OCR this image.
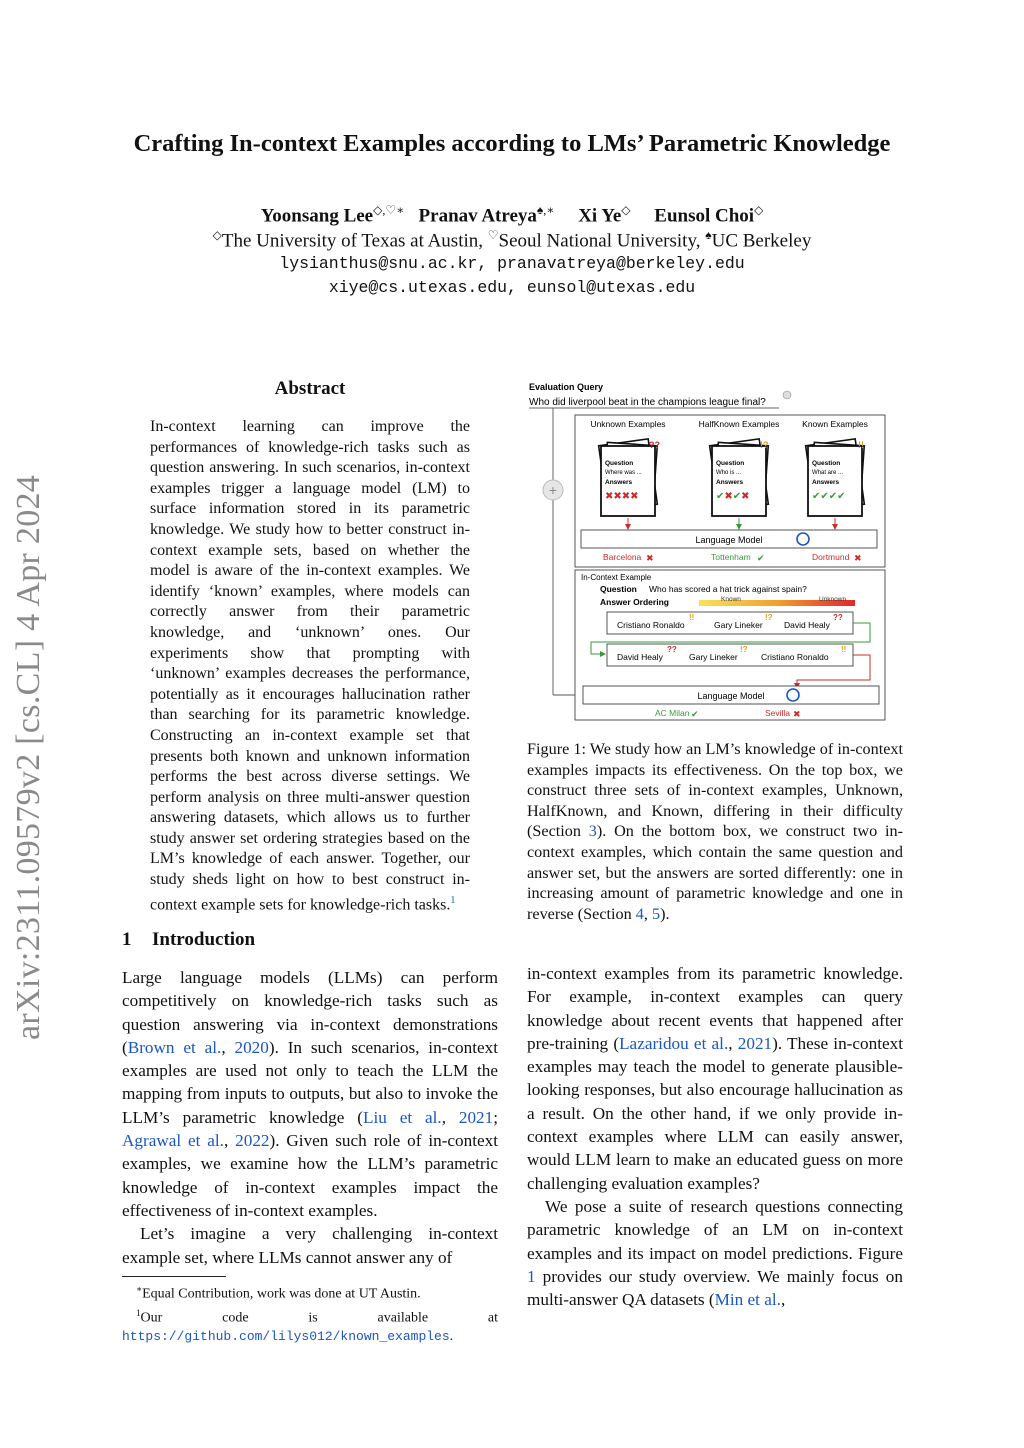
Crafting In-context Examples according to LMs’ Parametric Knowledge
Yoonsang Lee◇,♡∗ Pranav Atreya♠,∗ Xi Ye◇ Eunsol Choi◇
◇The University of Texas at Austin, ♡Seoul National University, ♠UC Berkeley
lysianthus@snu.ac.kr, pranavatreya@berkeley.edu
xiye@cs.utexas.edu, eunsol@utexas.edu
arXiv:2311.09579v2 [cs.CL] 4 Apr 2024
Abstract
In-context learning can improve the performances of knowledge-rich tasks such as question answering. In such scenarios, in-context examples trigger a language model (LM) to surface information stored in its parametric knowledge. We study how to better construct in-context example sets, based on whether the model is aware of the in-context examples. We identify ‘known’ examples, where models can correctly answer from their parametric knowledge, and ‘unknown’ ones. Our experiments show that prompting with ‘unknown’ examples decreases the performance, potentially as it encourages hallucination rather than searching for its parametric knowledge. Constructing an in-context example set that presents both known and unknown information performs the best across diverse settings. We perform analysis on three multi-answer question answering datasets, which allows us to further study answer set ordering strategies based on the LM’s knowledge of each answer. Together, our study sheds light on how to best construct in-context example sets for knowledge-rich tasks.$^1$
1 Introduction

Large language models (LLMs) can perform competitively on knowledge-rich tasks such as question answering via in-context demonstrations (Brown et al., 2020). In such scenarios, in-context examples are used not only to teach the LLM the mapping from inputs to outputs, but also to invoke the LLM’s parametric knowledge (Liu et al., 2021; Agrawal et al., 2022). Given such role of in-context examples, we examine how the LLM’s parametric knowledge of in-context examples impact the effectiveness of in-context examples.

Let’s imagine a very challenging in-context example set, where LLMs cannot answer any of

∗Equal Contribution, work was done at UT Austin.
$^1$Our code is available at https://github.com/lilys012/known_examples.
Evaluation Query
Who did liverpool beat in the champions league final?
+
Unknown Examples	HalfKnown Examples	Known Examples
Question
Where was ...
Answers
✖✖✖✖
??
Question
Who is ...
Answers
✔✖✔✖
!?
Question
What are ...
Answers
✔✔✔✔
!!
Language Model
Barcelona ✖	Tottenham ✔	Dortmund ✖
In-Context Example
Question Who has scored a hat trick against spain?
Answer Ordering	Known	Unknown
Cristiano Ronaldo
!!
Gary Lineker
!?
David Healy
??
David Healy
??
Gary Lineker
!?
Cristiano Ronaldo
!!
Language Model
AC Milan ✔	Sevilla ✖
Figure 1: We study how an LM’s knowledge of in-context examples impacts its effectiveness. On the top box, we construct three sets of in-context examples, Unknown, HalfKnown, and Known, differing in their difficulty (Section 3). On the bottom box, we construct two in-context examples, which contain the same question and answer set, but the answers are sorted differently: one in increasing amount of parametric knowledge and one in reverse (Section 4, 5).

in-context examples from its parametric knowledge. For example, in-context examples can query knowledge about recent events that happened after pre-training (Lazaridou et al., 2021). These in-context examples may teach the model to generate plausible-looking responses, but also encourage hallucination as a result. On the other hand, if we only provide in-context examples where LLM can easily answer, would LLM learn to make an educated guess on more challenging evaluation examples?

We pose a suite of research questions connecting parametric knowledge of an LM on in-context examples and its impact on model predictions. Figure 1 provides our study overview. We mainly focus on multi-answer QA datasets (Min et al.,
